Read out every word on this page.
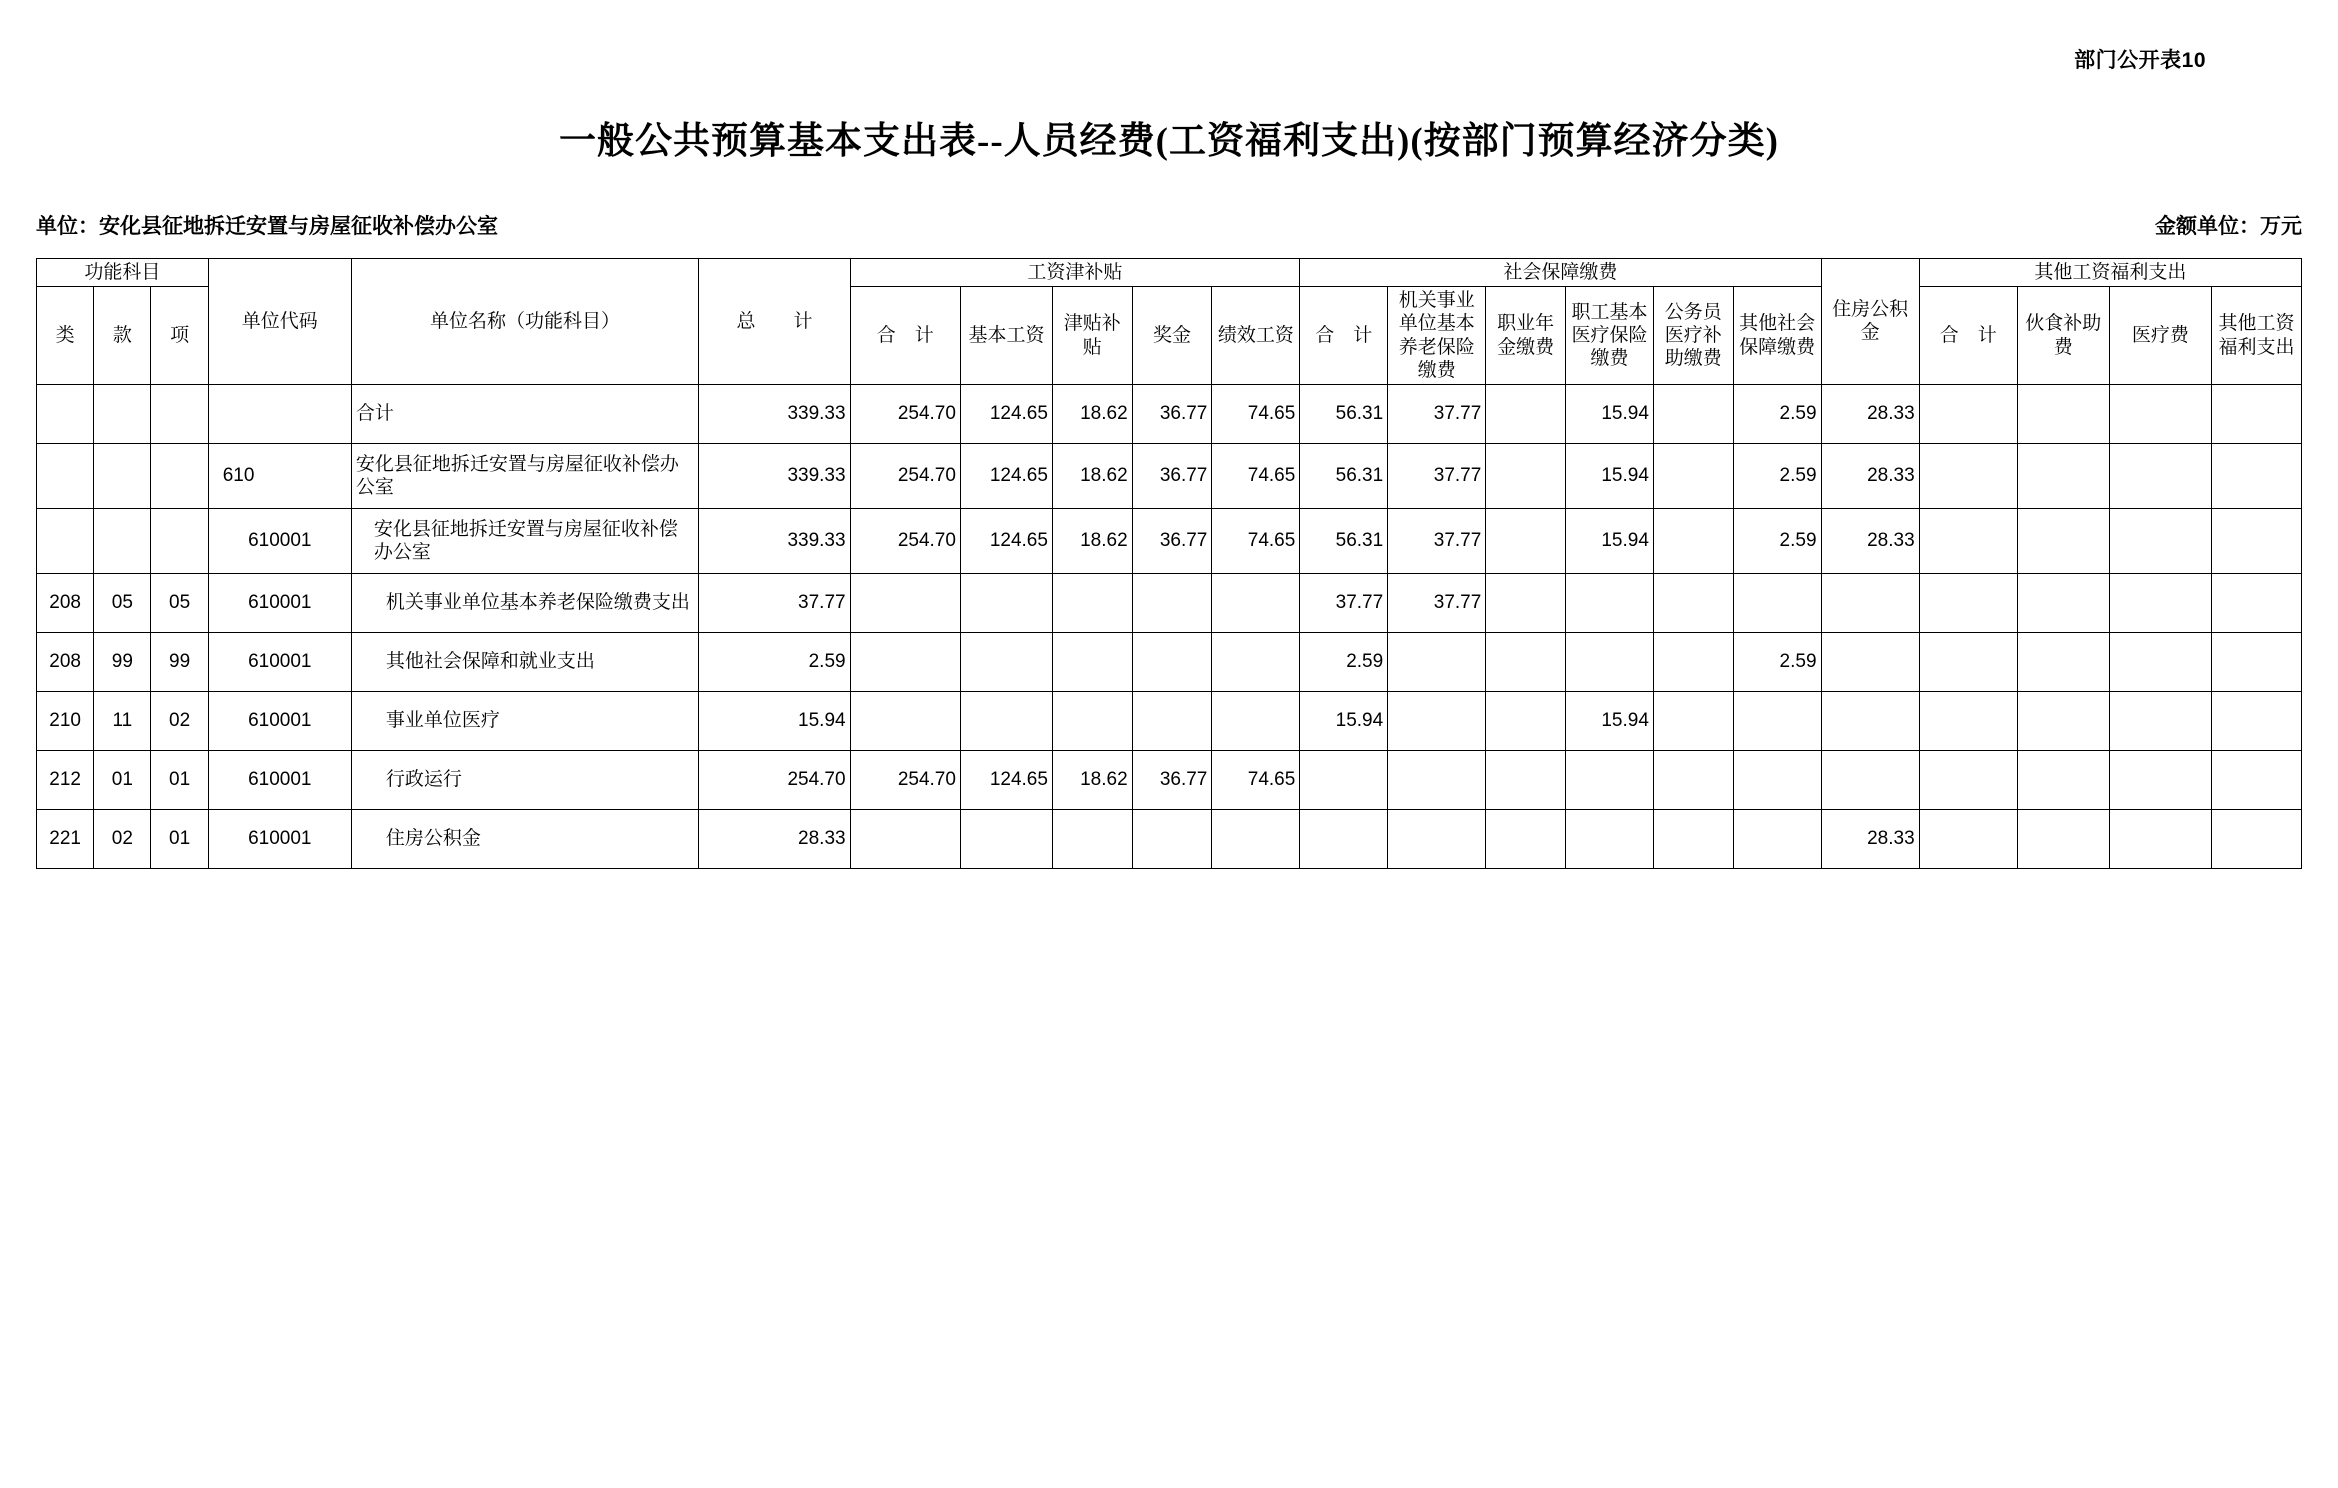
部门公开表10
一般公共预算基本支出表--人员经费(工资福利支出)(按部门预算经济分类)
单位：安化县征地拆迁安置与房屋征收补偿办公室	金额单位：万元
功能科目			单位代码	单位名称（功能科目）	总　　计	工资津补贴					社会保障缴费						住房公积金	其他工资福利支出			
						合　计	基本工资	津贴补贴	奖金	绩效工资	合　计	机关事业单位基本养老保险缴费	职业年金缴费	职工基本医疗保险缴费	公务员医疗补助缴费	其他社会保障缴费		合　计	伙食补助费	医疗费	其他工资福利支出
类	款	项																			
				合计	339.33	254.70	124.65	18.62	36.77	74.65	56.31	37.77		15.94		2.59	28.33				
			610	安化县征地拆迁安置与房屋征收补偿办公室	339.33	254.70	124.65	18.62	36.77	74.65	56.31	37.77		15.94		2.59	28.33				
			610001	安化县征地拆迁安置与房屋征收补偿办公室	339.33	254.70	124.65	18.62	36.77	74.65	56.31	37.77		15.94		2.59	28.33				
208	05	05	610001	机关事业单位基本养老保险缴费支出	37.77						37.77	37.77									
208	99	99	610001	其他社会保障和就业支出	2.59						2.59					2.59					
210	11	02	610001	事业单位医疗	15.94						15.94			15.94							
212	01	01	610001	行政运行	254.70	254.70	124.65	18.62	36.77	74.65											
221	02	01	610001	住房公积金	28.33												28.33				
